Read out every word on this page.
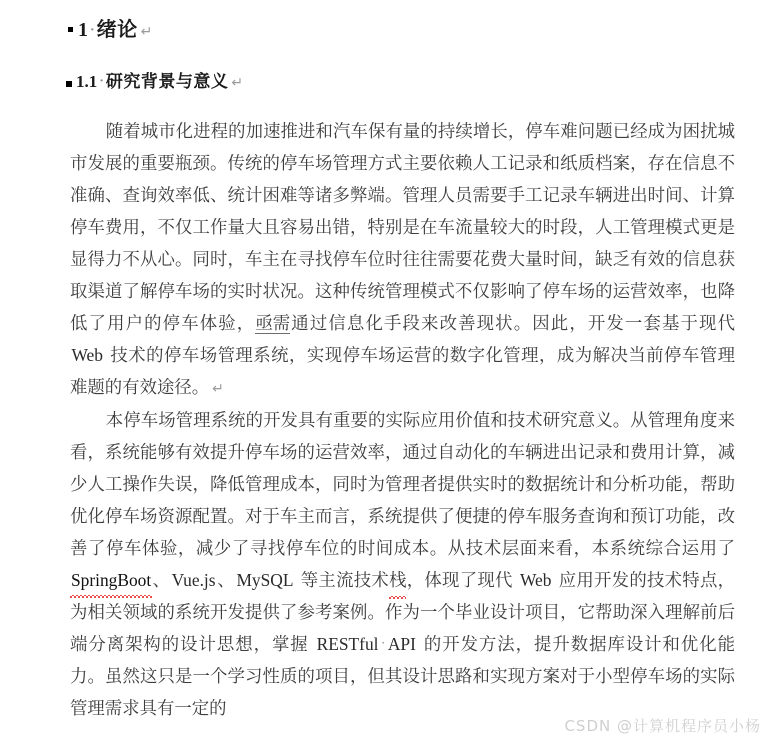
1 · 绪论 ↵
1.1 · 研究背景与意义 ↵

随着城市化进程的加速推进和汽车保有量的持续增长，停车难问题已经成为困扰城市发展的重要瓶颈。传统的停车场管理方式主要依赖人工记录和纸质档案，存在信息不准确、查询效率低、统计困难等诸多弊端。管理人员需要手工记录车辆进出时间、计算停车费用，不仅工作量大且容易出错，特别是在车流量较大的时段，人工管理模式更是显得力不从心。同时，车主在寻找停车位时往往需要花费大量时间，缺乏有效的信息获取渠道了解停车场的实时状况。这种传统管理模式不仅影响了停车场的运营效率，也降低了用户的停车体验，亟需通过信息化手段来改善现状。因此，开发一套基于现代 Web 技术的停车场管理系统，实现停车场运营的数字化管理，成为解决当前停车管理难题的有效途径。 ↵

本停车场管理系统的开发具有重要的实际应用价值和技术研究意义。从管理角度来看，系统能够有效提升停车场的运营效率，通过自动化的车辆进出记录和费用计算，减少人工操作失误，降低管理成本，同时为管理者提供实时的数据统计和分析功能，帮助优化停车场资源配置。对于车主而言，系统提供了便捷的停车服务查询和预订功能，改善了停车体验，减少了寻找停车位的时间成本。从技术层面来看，本系统综合运用了 SpringBoot、Vue.js、MySQL 等主流技术栈，体现了现代 Web 应用开发的技术特点，为相关领域的系统开发提供了参考案例。作为一个毕业设计项目，它帮助深入理解前后端分离架构的设计思想，掌握 RESTful · API 的开发方法，提升数据库设计和优化能力。虽然这只是一个学习性质的项目，但其设计思路和实现方案对于小型停车场的实际管理需求具有一定的

CSDN @计算机程序员小杨
